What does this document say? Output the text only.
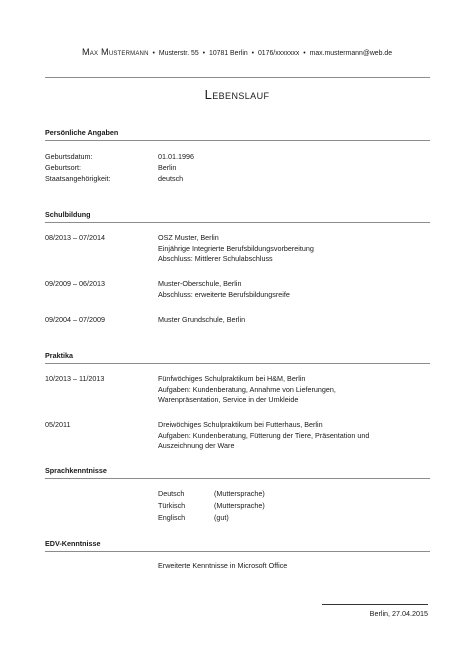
Max Mustermann • Musterstr. 55 • 10781 Berlin • 0176/xxxxxxx • max.mustermann@web.de
Lebenslauf
Persönliche Angaben
Geburtsdatum:	01.01.1996
Geburtsort:	Berlin
Staatsangehörigkeit:	deutsch
Schulbildung
08/2013 – 07/2014	OSZ Muster, Berlin
Einjährige Integrierte Berufsbildungsvorbereitung
Abschluss: Mittlerer Schulabschluss
09/2009 – 06/2013	Muster-Oberschule, Berlin
Abschluss: erweiterte Berufsbildungsreife
09/2004 – 07/2009	Muster Grundschule, Berlin
Praktika
10/2013 – 11/2013	Fünfwöchiges Schulpraktikum bei H&M, Berlin
Aufgaben: Kundenberatung, Annahme von Lieferungen,
Warenpräsentation, Service in der Umkleide
05/2011	Dreiwöchiges Schulpraktikum bei Futterhaus, Berlin
Aufgaben: Kundenberatung, Fütterung der Tiere, Präsentation und
Auszeichnung der Ware
Sprachkenntnisse
Deutsch	(Muttersprache)
Türkisch	(Muttersprache)
Englisch	(gut)
EDV-Kenntnisse
Erweiterte Kenntnisse in Microsoft Office
Berlin, 27.04.2015
